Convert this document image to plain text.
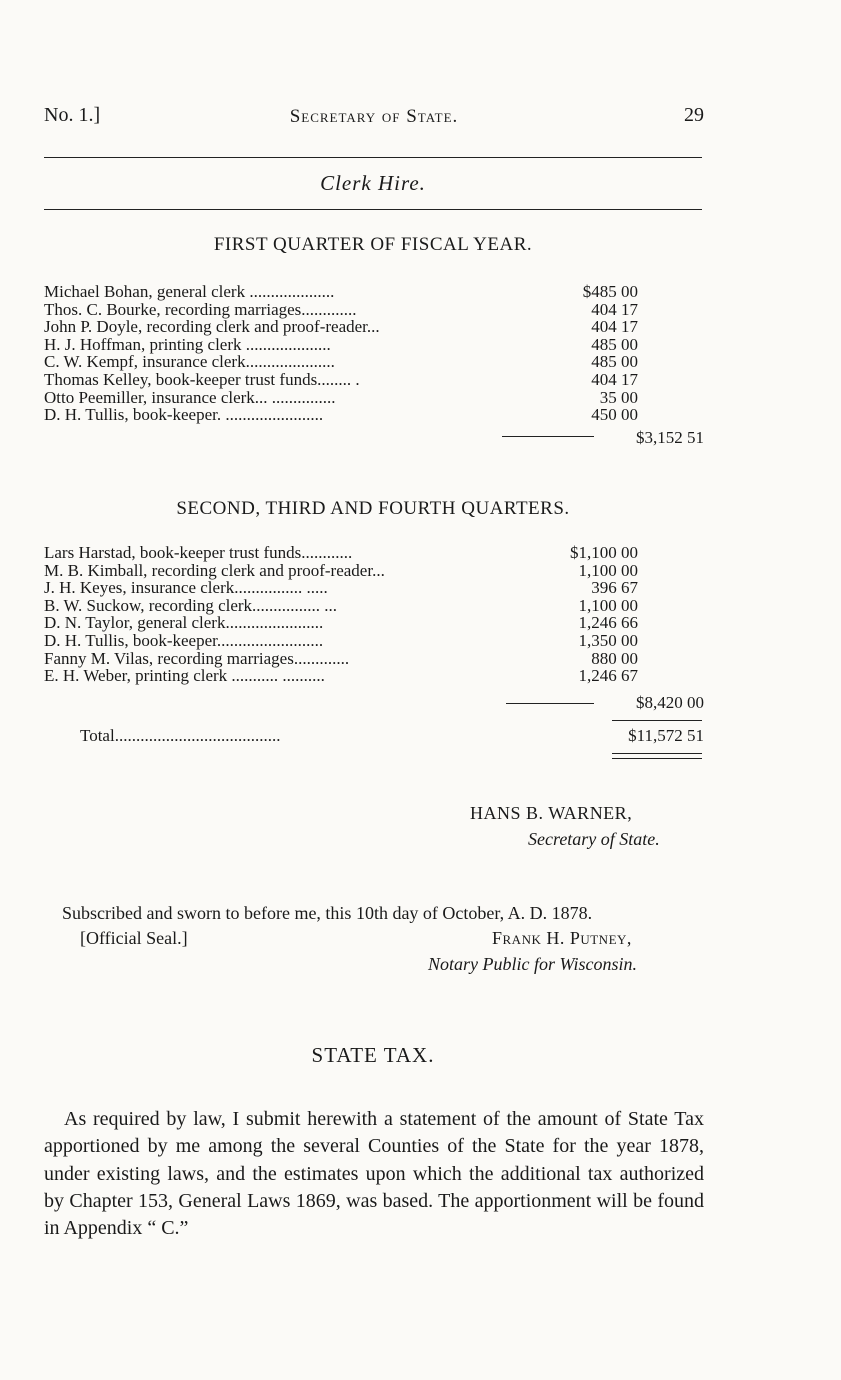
No. 1.]	Secretary of State.	29
Clerk Hire.
FIRST QUARTER OF FISCAL YEAR.
Michael Bohan, general clerk ....................	$485 00
Thos. C. Bourke, recording marriages.............	404 17
John P. Doyle, recording clerk and proof-reader...	404 17
H. J. Hoffman, printing clerk ....................	485 00
C. W. Kempf, insurance clerk.....................	485 00
Thomas Kelley, book-keeper trust funds........ .	404 17
Otto Peemiller, insurance clerk... ...............	35 00
D. H. Tullis, book-keeper. .......................	450 00
$3,152 51
SECOND, THIRD AND FOURTH QUARTERS.
Lars Harstad, book-keeper trust funds............	$1,100 00
M. B. Kimball, recording clerk and proof-reader...	1,100 00
J. H. Keyes, insurance clerk................ .....	396 67
B. W. Suckow, recording clerk................ ...	1,100 00
D. N. Taylor, general clerk.......................	1,246 66
D. H. Tullis, book-keeper.........................	1,350 00
Fanny M. Vilas, recording marriages.............	880 00
E. H. Weber, printing clerk ........... ..........	1,246 67
$8,420 00
Total.......................................	$11,572 51
HANS B. WARNER,
Secretary of State.
Subscribed and sworn to before me, this 10th day of October, A. D. 1878.
[Official Seal.]	Frank H. Putney,
Notary Public for Wisconsin.
STATE TAX.
As required by law, I submit herewith a statement of the amount of State Tax apportioned by me among the several Counties of the State for the year 1878, under existing laws, and the estimates upon which the additional tax authorized by Chapter 153, General Laws 1869, was based. The apportionment will be found in Appendix “ C.”
